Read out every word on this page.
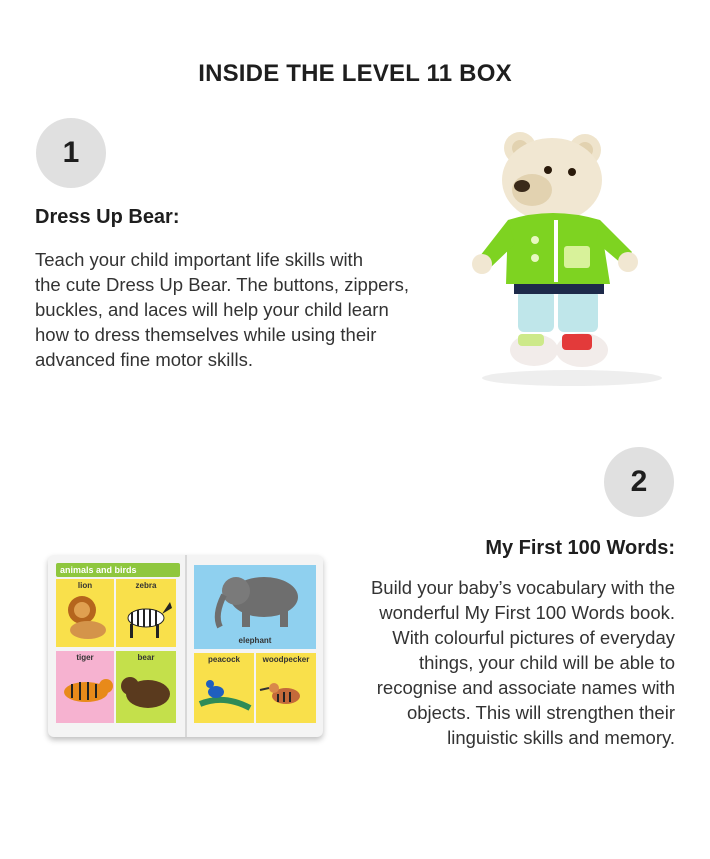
INSIDE THE LEVEL 11 BOX
1
Dress Up Bear:
Teach your child important life skills with
the cute Dress Up Bear. The buttons, zippers,
buckles, and laces will help your child learn
how to dress themselves while using their
advanced fine motor skills.
2
My First 100 Words:
Build your baby’s vocabulary with the
wonderful My First 100 Words book.
With colourful pictures of everyday
things, your child will be able to
recognise and associate names with
objects. This will strengthen their
linguistic skills and memory.
animals and birds
lion	zebra
tiger	bear
elephant
peacock	woodpecker
